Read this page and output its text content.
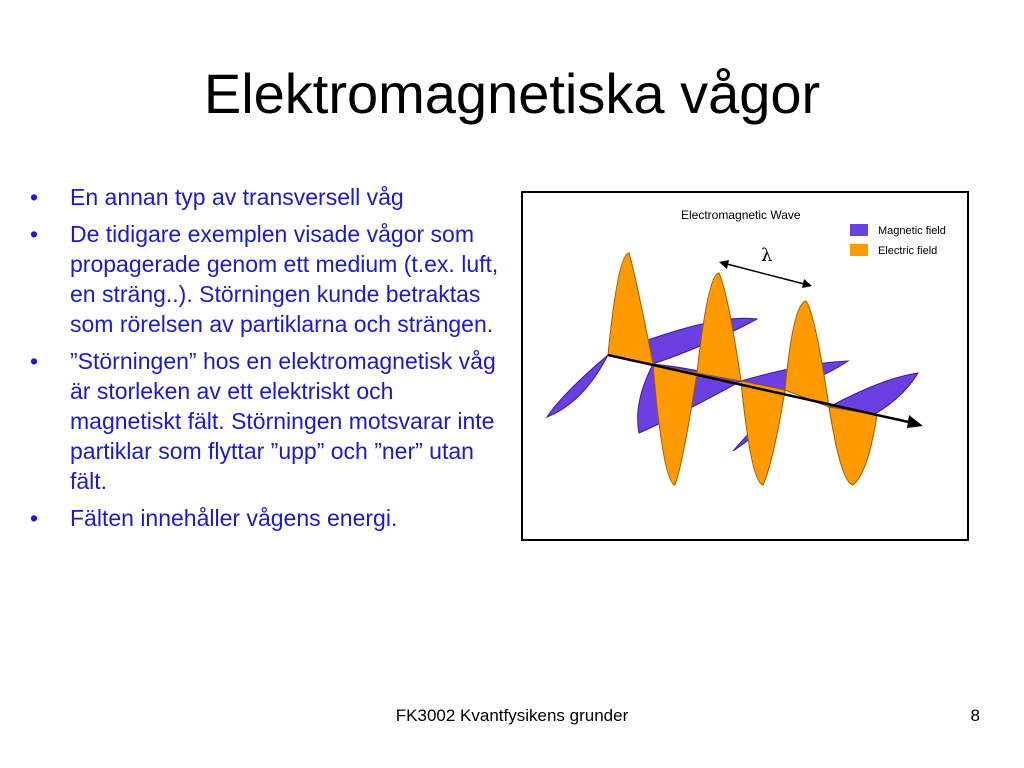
Elektromagnetiska vågor
• En annan typ av transversell våg
• De tidigare exemplen visade vågor som propagerade genom ett medium (t.ex. luft, en sträng..). Störningen kunde betraktas som rörelsen av partiklarna och strängen.
• ”Störningen” hos en elektromagnetisk våg är storleken av ett elektriskt och magnetiskt fält. Störningen motsvarar inte partiklar som flyttar ”upp” och ”ner” utan fält.
• Fälten innehåller vågens energi.
Electromagnetic Wave
Magnetic field
Electric field
λ
FK3002 Kvantfysikens grunder	8
